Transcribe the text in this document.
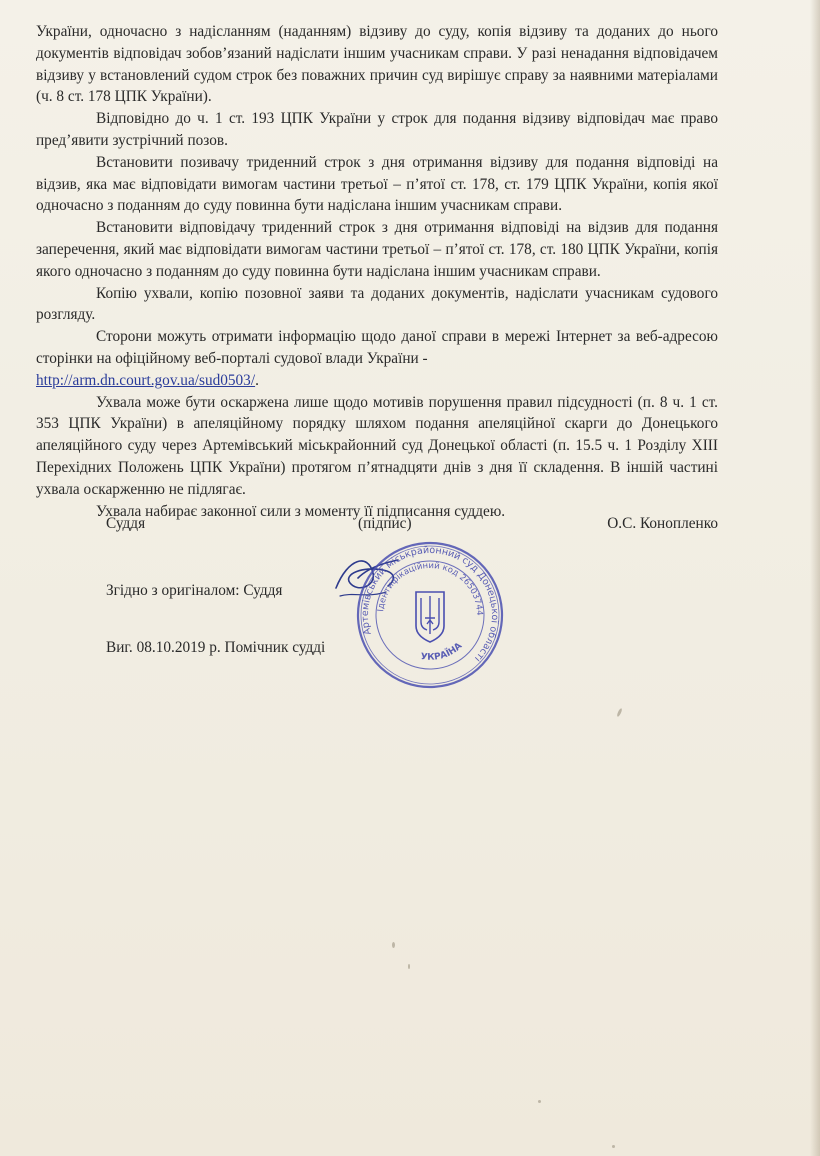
України, одночасно з надісланням (наданням) відзиву до суду, копія відзиву та доданих до нього документів відповідач зобов’язаний надіслати іншим учасникам справи. У разі ненадання відповідачем відзиву у встановлений судом строк без поважних причин суд вирішує справу за наявними матеріалами (ч. 8 ст. 178 ЦПК України).

Відповідно до ч. 1 ст. 193 ЦПК України у строк для подання відзиву відповідач має право пред’явити зустрічний позов.

Встановити позивачу триденний строк з дня отримання відзиву для подання відповіді на відзив, яка має відповідати вимогам частини третьої – п’ятої ст. 178, ст. 179 ЦПК України, копія якої одночасно з поданням до суду повинна бути надіслана іншим учасникам справи.

Встановити відповідачу триденний строк з дня отримання відповіді на відзив для подання заперечення, який має відповідати вимогам частини третьої – п’ятої ст. 178, ст. 180 ЦПК України, копія якого одночасно з поданням до суду повинна бути надіслана іншим учасникам справи.

Копію ухвали, копію позовної заяви та доданих документів, надіслати учасникам судового розгляду.

Сторони можуть отримати інформацію щодо даної справи в мережі Інтернет за веб-адресою сторінки на офіційному веб-порталі судової влади України -
http://arm.dn.court.gov.ua/sud0503/.

Ухвала може бути оскаржена лише щодо мотивів порушення правил підсудності (п. 8 ч. 1 ст. 353 ЦПК України) в апеляційному порядку шляхом подання апеляційної скарги до Донецького апеляційного суду через Артемівський міськрайонний суд Донецької області (п. 15.5 ч. 1 Розділу XIII Перехідних Положень ЦПК України) протягом п’ятнадцяти днів з дня її складення. В іншій частині ухвала оскарженню не підлягає.

Ухвала набирає законної сили з моменту її підписання суддею.

Суддя	(підпис)	О.С. Конопленко
Згідно з оригіналом: Суддя
Виг. 08.10.2019 р. Помічник судді
Артемівський міськрайонний суд Донецької області
Ідентифікаційний код 26503744
УКРАЇНА
